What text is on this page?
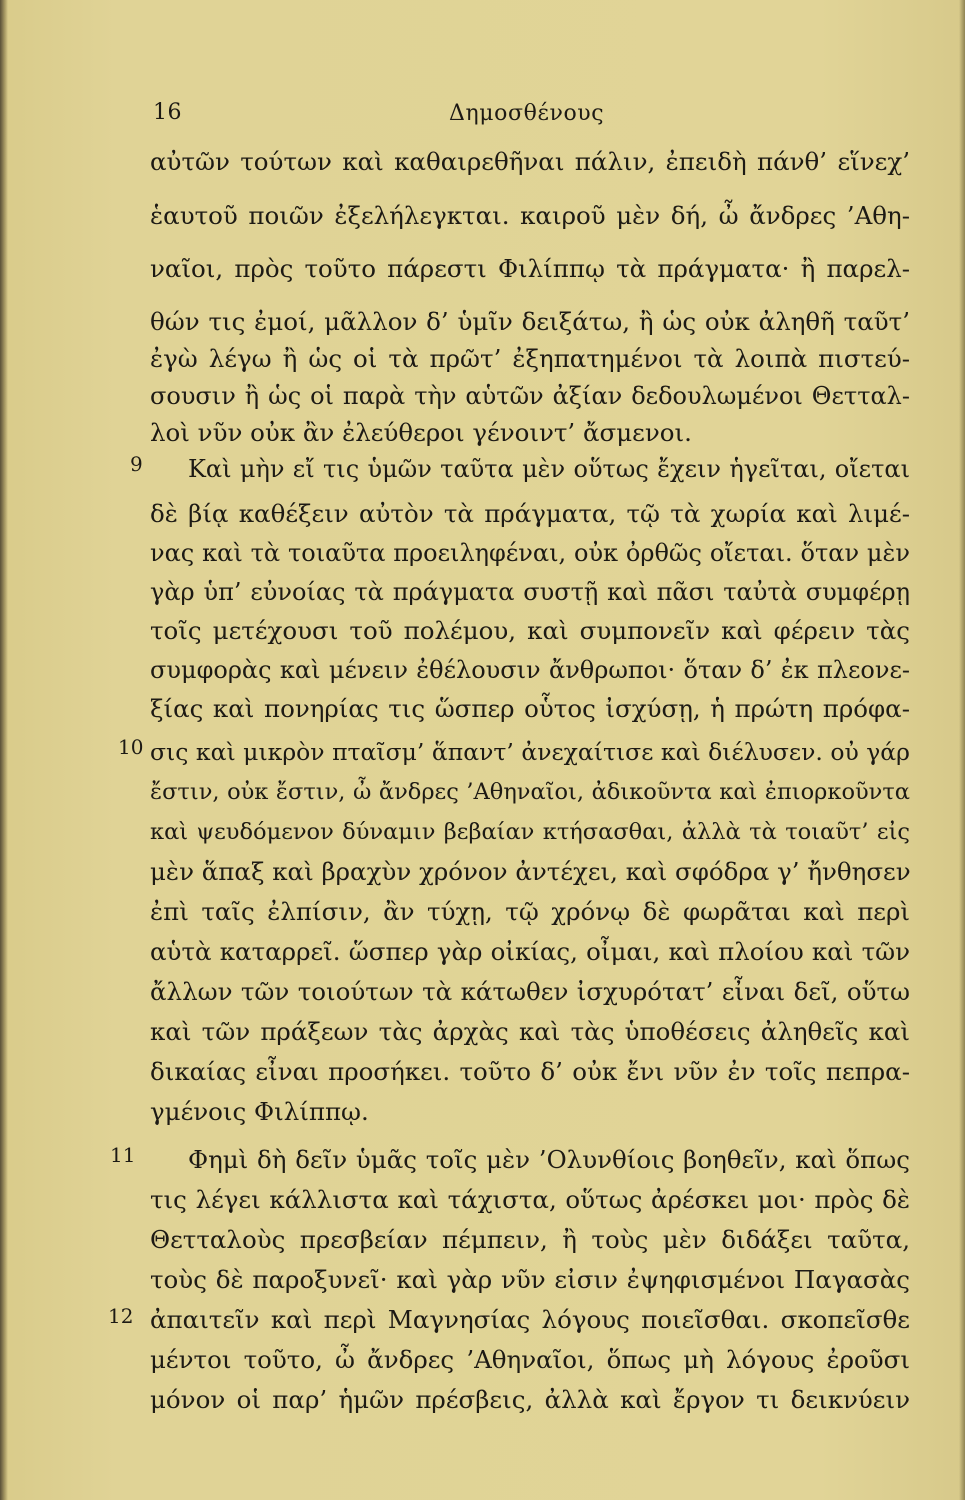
16	Δημοσθένους
9
10
11
12
αὐτῶν τούτων καὶ καθαιρεθῆναι πάλιν, ἐπειδὴ πάνθ’ εἵνεχ’
ἑαυτοῦ ποιῶν ἐξελήλεγκται. καιροῦ μὲν δή, ὦ ἄνδρες ’Αθη-
ναῖοι, πρὸς τοῦτο πάρεστι Φιλίππῳ τὰ πράγματα· ἢ παρελ-
θών τις ἐμοί, μᾶλλον δ’ ὑμῖν δειξάτω, ἢ ὡς οὐκ ἀληθῆ ταῦτ’
ἐγὼ λέγω ἢ ὡς οἱ τὰ πρῶτ’ ἐξηπατημένοι τὰ λοιπὰ πιστεύ-
σουσιν ἢ ὡς οἱ παρὰ τὴν αὑτῶν ἀξίαν δεδουλωμένοι Θετταλ-
λοὶ νῦν οὐκ ἂν ἐλεύθεροι γένοιντ’ ἄσμενοι.
Καὶ μὴν εἴ τις ὑμῶν ταῦτα μὲν οὕτως ἔχειν ἡγεῖται, οἴεται
δὲ βίᾳ καθέξειν αὐτὸν τὰ πράγματα, τῷ τὰ χωρία καὶ λιμέ-
νας καὶ τὰ τοιαῦτα προειληφέναι, οὐκ ὀρθῶς οἴεται. ὅταν μὲν
γὰρ ὑπ’ εὐνοίας τὰ πράγματα συστῇ καὶ πᾶσι ταὐτὰ συμφέρῃ
τοῖς μετέχουσι τοῦ πολέμου, καὶ συμπονεῖν καὶ φέρειν τὰς
συμφορὰς καὶ μένειν ἐθέλουσιν ἄνθρωποι· ὅταν δ’ ἐκ πλεονε-
ξίας καὶ πονηρίας τις ὥσπερ οὗτος ἰσχύσῃ, ἡ πρώτη πρόφα-
σις καὶ μικρὸν πταῖσμ’ ἅπαντ’ ἀνεχαίτισε καὶ διέλυσεν. οὐ γάρ
ἔστιν, οὐκ ἔστιν, ὦ ἄνδρες ’Αθηναῖοι, ἀδικοῦντα καὶ ἐπιορκοῦντα
καὶ ψευδόμενον δύναμιν βεβαίαν κτήσασθαι, ἀλλὰ τὰ τοιαῦτ’ εἰς
μὲν ἅπαξ καὶ βραχὺν χρόνον ἀντέχει, καὶ σφόδρα γ’ ἤνθησεν
ἐπὶ ταῖς ἐλπίσιν, ἂν τύχῃ, τῷ χρόνῳ δὲ φωρᾶται καὶ περὶ
αὑτὰ καταρρεῖ. ὥσπερ γὰρ οἰκίας, οἶμαι, καὶ πλοίου καὶ τῶν
ἄλλων τῶν τοιούτων τὰ κάτωθεν ἰσχυρότατ’ εἶναι δεῖ, οὕτω
καὶ τῶν πράξεων τὰς ἀρχὰς καὶ τὰς ὑποθέσεις ἀληθεῖς καὶ
δικαίας εἶναι προσήκει. τοῦτο δ’ οὐκ ἔνι νῦν ἐν τοῖς πεπρα-
γμένοις Φιλίππῳ.
Φημὶ δὴ δεῖν ὑμᾶς τοῖς μὲν ’Ολυνθίοις βοηθεῖν, καὶ ὅπως
τις λέγει κάλλιστα καὶ τάχιστα, οὕτως ἀρέσκει μοι· πρὸς δὲ
Θετταλοὺς πρεσβείαν πέμπειν, ἢ τοὺς μὲν διδάξει ταῦτα,
τοὺς δὲ παροξυνεῖ· καὶ γὰρ νῦν εἰσιν ἐψηφισμένοι Παγασὰς
ἀπαιτεῖν καὶ περὶ Μαγνησίας λόγους ποιεῖσθαι. σκοπεῖσθε
μέντοι τοῦτο, ὦ ἄνδρες ’Αθηναῖοι, ὅπως μὴ λόγους ἐροῦσι
μόνον οἱ παρ’ ἡμῶν πρέσβεις, ἀλλὰ καὶ ἔργον τι δεικνύειν
